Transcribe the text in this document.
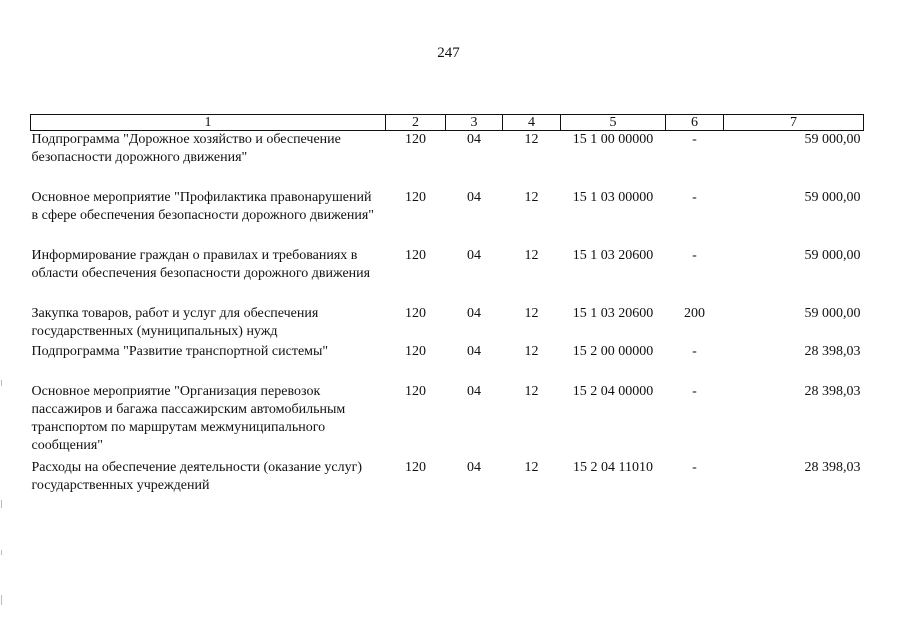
247
1	2	3	4	5	6	7
Подпрограмма "Дорожное хозяйство и обеспечение безопасности дорожного движения"	120	04	12	15 1 00 00000	-	59 000,00
Основное мероприятие "Профилактика правонарушений в сфере обеспечения безопасности дорожного движения"	120	04	12	15 1 03 00000	-	59 000,00
Информирование граждан о правилах и требованиях в области обеспечения безопасности дорожного движения	120	04	12	15 1 03 20600	-	59 000,00
Закупка товаров, работ и услуг для обеспечения государственных (муниципальных) нужд	120	04	12	15 1 03 20600	200	59 000,00
Подпрограмма "Развитие транспортной системы"	120	04	12	15 2 00 00000	-	28 398,03
Основное мероприятие "Организация перевозок пассажиров и багажа пассажирским автомобильным транспортом по маршрутам межмуниципального сообщения"	120	04	12	15 2 04 00000	-	28 398,03
Расходы на обеспечение деятельности (оказание услуг) государственных учреждений	120	04	12	15 2 04 11010	-	28 398,03
